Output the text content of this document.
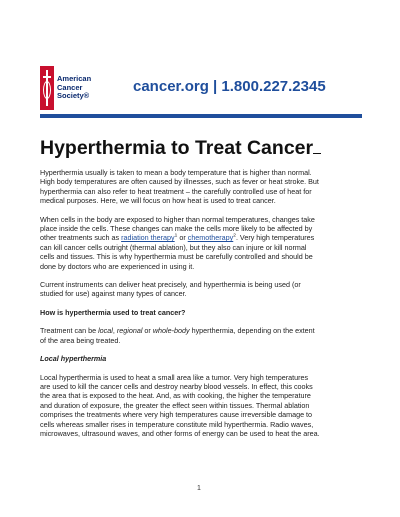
American
Cancer
Society®
cancer.org | 1.800.227.2345
Hyperthermia to Treat Cancer
Hyperthermia usually is taken to mean a body temperature that is higher than normal.
High body temperatures are often caused by illnesses, such as fever or heat stroke. But
hyperthermia can also refer to heat treatment – the carefully controlled use of heat for
medical purposes. Here, we will focus on how heat is used to treat cancer.
When cells in the body are exposed to higher than normal temperatures, changes take
place inside the cells. These changes can make the cells more likely to be affected by
other treatments such as radiation therapy$^1$ or chemotherapy$^2$. Very high temperatures
can kill cancer cells outright (thermal ablation), but they also can injure or kill normal
cells and tissues. This is why hyperthermia must be carefully controlled and should be
done by doctors who are experienced in using it.
Current instruments can deliver heat precisely, and hyperthermia is being used (or
studied for use) against many types of cancer.
How is hyperthermia used to treat cancer?
Treatment can be local, regional or whole-body hyperthermia, depending on the extent
of the area being treated.
Local hyperthermia
Local hyperthermia is used to heat a small area like a tumor. Very high temperatures
are used to kill the cancer cells and destroy nearby blood vessels. In effect, this cooks
the area that is exposed to the heat. And, as with cooking, the higher the temperature
and duration of exposure, the greater the effect seen within tissues. Thermal ablation
comprises the treatments where very high temperatures cause irreversible damage to
cells whereas smaller rises in temperature constitute mild hyperthermia. Radio waves,
microwaves, ultrasound waves, and other forms of energy can be used to heat the area.
1
